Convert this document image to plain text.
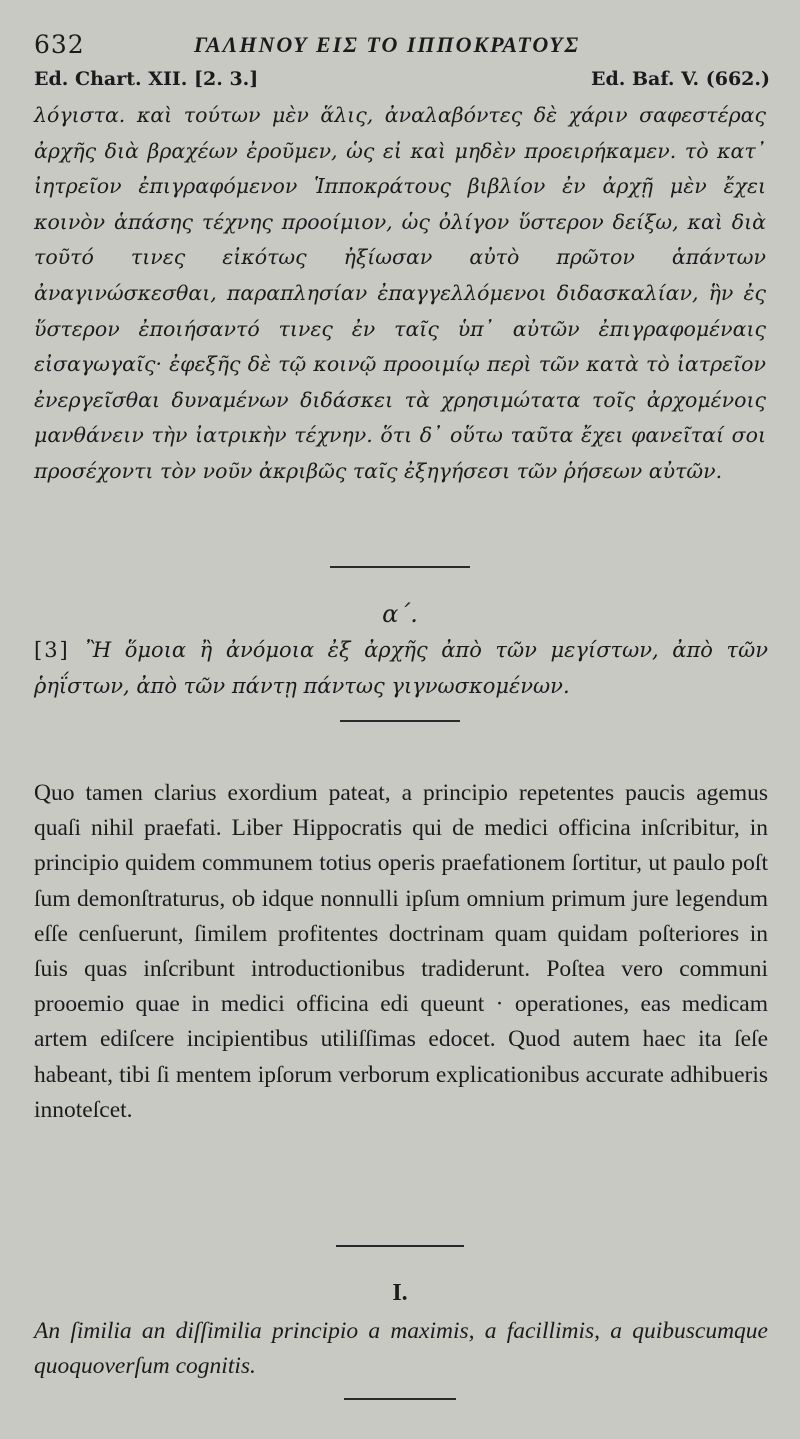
632	ΓΑΛΗΝΟΥ ΕΙΣ ΤΟ ΙΠΠΟΚΡΑΤΟΥΣ
Ed. Chart. XII. [2. 3.]	Ed. Baf. V. (662.)
λόγιστα. καὶ τούτων μὲν ἅλις, ἀναλαβόντες δὲ χάριν σαφεστέρας ἀρχῆς διὰ βραχέων ἐροῦμεν, ὡς εἰ καὶ μηδὲν προειρήκαμεν. τὸ κατ᾽ ἰητρεῖον ἐπιγραφόμενον Ἱπποκράτους βιβλίον ἐν ἀρχῇ μὲν ἔχει κοινὸν ἁπάσης τέχνης προοίμιον, ὡς ὀλίγον ὕστερον δείξω, καὶ διὰ τοῦτό τινες εἰκότως ἠξίωσαν αὐτὸ πρῶτον ἁπάντων ἀναγινώσκεσθαι, παραπλησίαν ἐπαγγελλόμενοι διδασκαλίαν, ἣν ἐς ὕστερον ἐποιήσαντό τινες ἐν ταῖς ὑπ᾽ αὐτῶν ἐπιγραφομέναις εἰσαγωγαῖς· ἐφεξῆς δὲ τῷ κοινῷ προοιμίῳ περὶ τῶν κατὰ τὸ ἰατρεῖον ἐνεργεῖσθαι δυναμένων διδάσκει τὰ χρησιμώτατα τοῖς ἀρχομένοις μανθάνειν τὴν ἰατρικὴν τέχνην. ὅτι δ᾽ οὕτω ταῦτα ἔχει φανεῖταί σοι προσέχοντι τὸν νοῦν ἀκριβῶς ταῖς ἐξηγήσεσι τῶν ῥήσεων αὐτῶν.
α´.
[3] Ἢ ὅμοια ἢ ἀνόμοια ἐξ ἀρχῆς ἀπὸ τῶν μεγίστων, ἀπὸ τῶν ῥηΐστων, ἀπὸ τῶν πάντῃ πάντως γιγνωσκομένων.
Quo tamen clarius exordium pateat, a principio repetentes paucis agemus quaſi nihil praefati. Liber Hippocratis qui de medici officina inſcribitur, in principio quidem communem totius operis praefationem ſortitur, ut paulo poſt ſum demonſtraturus, ob idque nonnulli ipſum omnium primum jure legendum eſſe cenſuerunt, ſimilem profitentes doctrinam quam quidam poſteriores in ſuis quas inſcribunt introductionibus tradiderunt. Poſtea vero communi prooemio quae in medici officina edi queunt · operationes, eas medicam artem ediſcere incipientibus utiliſſimas edocet. Quod autem haec ita ſeſe habeant, tibi ſi mentem ipſorum verborum explicationibus accurate adhibueris innoteſcet.
I.
An ſimilia an diſſimilia principio a maximis, a facillimis, a quibuscumque quoquoverſum cognitis.
